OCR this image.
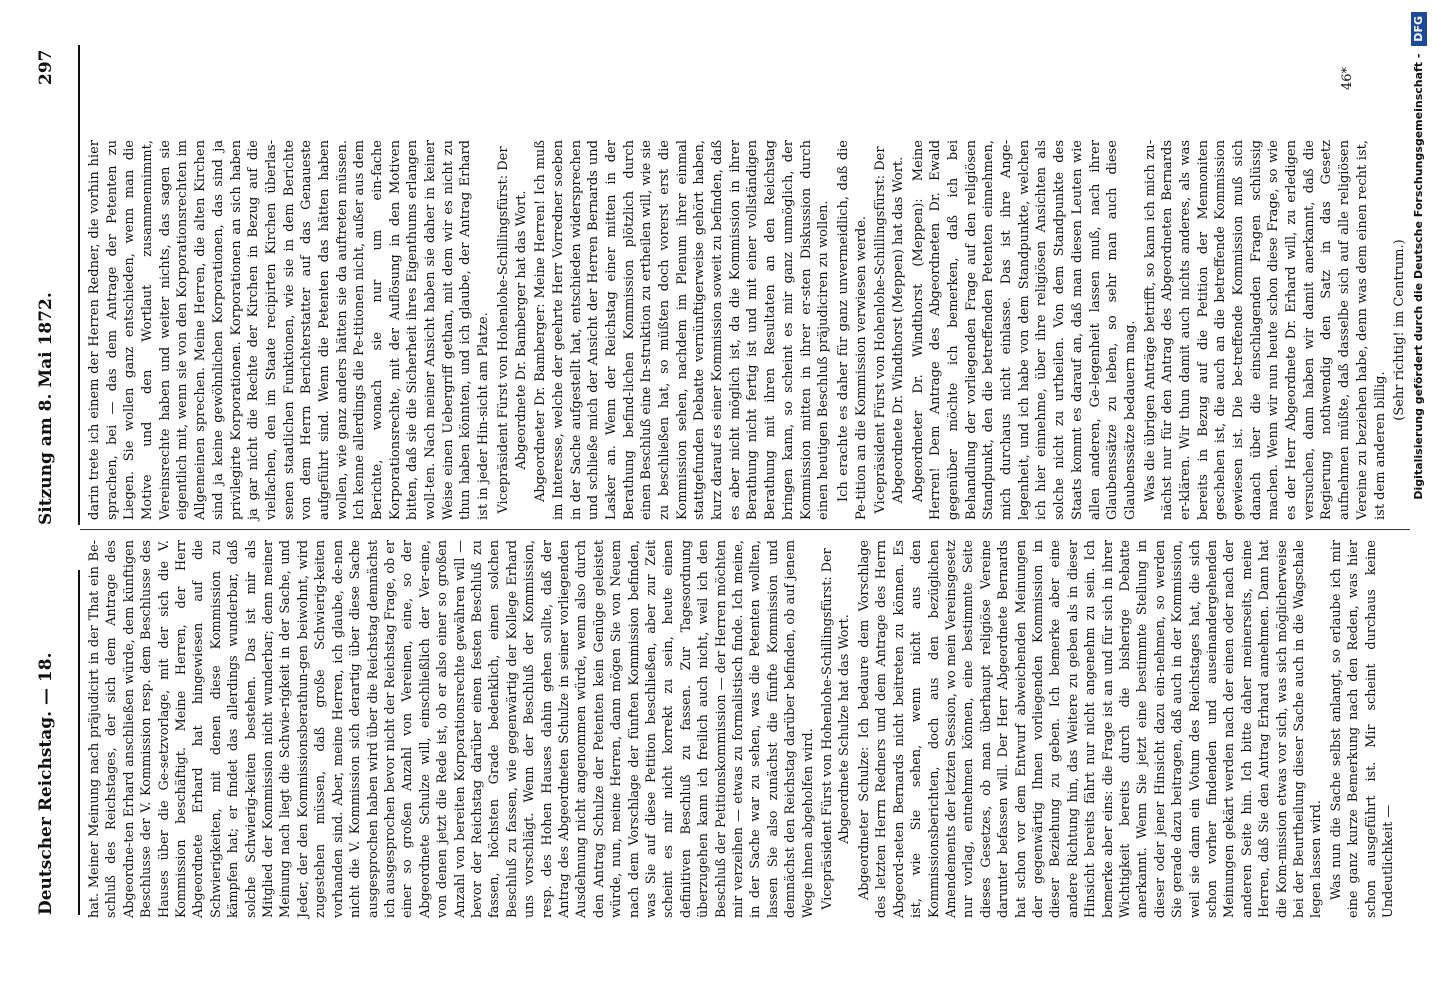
Deutscher Reichstag. — 18.
Sitzung am 8. Mai 1872.
297

hat. Meiner Meinung nach präjudicirt in der That ein Be-schluß des Reichstages, der sich dem Antrage des Abgeordne-ten Erhard anschließen würde, dem künftigen Beschlusse der V. Kommission resp. dem Beschlusse des Hauses über die Ge-setzvorlage, mit der sich die V. Kommission beschäftigt. Meine Herren, der Herr Abgeordnete Erhard hat hingewiesen auf die Schwierigkeiten, mit denen diese Kommission zu kämpfen hat; er findet das allerdings wunderbar, daß solche Schwierig-keiten bestehen. Das ist mir als Mitglied der Kommission nicht wunderbar; denn meiner Meinung nach liegt die Schwie-rigkeit in der Sache, und Jeder, der den Kommissionsberathun-gen beiwohnt, wird zugestehen müssen, daß große Schwierig-keiten vorhanden sind. Aber, meine Herren, ich glaube, de-nen nicht die V. Kommission sich derartig über diese Sache ausgesprochen haben wird über die Reichstag demnächst ich ausgesprochen bevor nicht der Reichstag Frage, ob er einer so großen Anzahl von Vereinen, eine, so der Abgeordnete Schulze will, einschließlich der Ver-eine, von denen jetzt die Rede ist, ob er also einer so großen Anzahl von bereiten Korporationsrechte gewähren will — bevor der Reichstag darüber einen festen Beschluß zu fassen, höchsten Grade bedenklich, einen solchen Beschluß zu fassen, wie gegenwärtig der Kollege Erhard uns vorschlägt. Wenn der Beschluß der Kommission, resp. des Hohen Hauses dahin gehen sollte, daß der Antrag des Abgeordneten Schulze in seiner vorliegenden Ausdehnung nicht angenommen würde, wenn also durch den Antrag Schulze der Petenten kein Genüge geleistet würde, nun, meine Herren, dann mögen Sie von Neuem nach dem Vorschlage der fünften Kommission befinden, was Sie auf diese Petition beschließen, aber zur Zeit scheint es mir nicht korrekt zu sein, heute einen definitiven Beschluß zu fassen. Zur Tagesordnung überzugehen kann ich freilich auch nicht, weil ich den Beschluß der Petitionskommission — der Herren möchten mir verzeihen — etwas zu formalistisch finde. Ich meine, in der Sache war zu sehen, was die Petenten wollten, lassen Sie also zunächst die fünfte Kommission und demnächst den Reichstag darüber befinden, ob auf jenem Wege ihnen abgeholfen wird. Vicepräsident Fürst von Hohenlohe-Schillingsfürst: Der Abgeordnete Schulze hat das Wort. Abgeordneter Schulze: Ich bedaure dem Vorschlage des letzten Herrn Redners und dem Antrage des Herrn Abgeord-neten Bernards nicht beitreten zu können. Es ist, wie Sie sehen, wenn nicht aus den Kommissionsberichten, doch aus den bezüglichen Amendements der letzten Session, wo mein Vereinsgesetz nur vorlag, entnehmen können, eine bestimmte Seite dieses Gesetzes, ob man überhaupt religiöse Vereine darunter befassen will. Der Herr Abgeordnete Bernards hat schon vor dem Entwurf abweichenden Meinungen der gegenwärtig Ihnen vorliegenden Kommission in dieser Beziehung zu geben. Ich bemerke aber eine andere Richtung hin, das Weitere zu geben als in dieser Hinsicht bereits fährt nur nicht angenehm zu sein. Ich bemerke aber eins: die Frage ist an und für sich in ihrer Wichtigkeit bereits durch die bisherige Debatte anerkannt. Wenn Sie jetzt eine bestimmte Stellung in dieser oder jener Hinsicht dazu ein-nehmen, so werden Sie gerade dazu beitragen, daß auch in der Kommission, weil sie dann ein Votum des Reichstages hat, die sich schon vorher findenden und auseinandergehenden Meinungen gekärt werden nach der einen oder nach der anderen Seite hin. Ich bitte daher meinerseits, meine Herren, daß Sie den Antrag Erhard annehmen. Dann hat die Kom-mission etwas vor sich, was sich möglicherweise bei der Beurtheilung dieser Sache auch in die Wagschale legen lassen wird. Was nun die Sache selbst anlangt, so erlaube ich mir eine ganz kurze Bemerkung nach den Reden, was hier schon ausgeführt ist. Mir scheint durchaus keine Undeutlichkeit —

darin trete ich einem der Herren Redner, die vorhin hier sprachen, bei — das dem Antrage der Petenten zu Liegen. Sie wollen ganz entschieden, wenn man die Motive und den Wortlaut zusammennimmt, Vereinsrechte haben und weiter nichts, das sagen sie eigentlich mit, wenn sie von den Korporationsrechten im Allgemeinen sprechen. Meine Herren, die alten Kirchen sind ja keine gewöhnlichen Korporationen, das sind ja privilegirte Korporationen. Korporationen an sich haben ja gar nicht die Rechte der Kirchen in Bezug auf die vielfachen, den im Staate recipirten Kirchen überlas-senen staatlichen Funktionen, wie sie in dem Berichte von dem Herrn Berichterstatter auf das Genaueste aufgeführt sind. Wenn die Petenten das hätten haben wollen, wie ganz anders hätten sie da auftreten müssen. Ich kenne allerdings die Pe-titionen nicht, außer aus dem Berichte, wonach sie nur um ein-fache Korporationsrechte, mit der Auflösung in den Motiven bitten, daß sie die Sicherheit ihres Eigenthums erlangen woll-ten. Nach meiner Ansicht haben sie daher in keiner Weise einen Uebergriff gethan, mit dem wir es nicht zu thun haben könnten, und ich glaube, der Antrag Erhard ist in jeder Hin-sicht am Platze. Vicepräsident Fürst von Hohenlohe-Schillingsfürst: Der Abgeordnete Dr. Bamberger hat das Wort. Abgeordneter Dr. Bamberger: Meine Herren! Ich muß im Interesse, welche der geehrte Herr Vorredner soeben in der Sache aufgestellt hat, entschieden widersprechen und schließe mich der Ansicht der Herren Bernards und Lasker an. Wenn der Reichstag einer mitten in der Berathung befind-lichen Kommission plötzlich durch einen Beschluß eine In-struktion zu ertheilen will, wie sie zu beschließen hat, so müßten doch vorerst erst die Kommission sehen, nachdem im Plenum ihrer einmal stattgefunden Debatte vernünftigerweise gehört haben, kurz darauf es einer Kommission soweit zu befinden, daß es aber nicht möglich ist, da die Kommission in ihrer Berathung nicht fertig ist und mit einer vollständigen Berathung mit ihren Resultaten an den Reichstag bringen kann, so scheint es mir ganz unmöglich, der Kommission mitten in ihrer er-sten Diskussion durch einen heutigen Beschluß präjudiciren zu wollen. Ich erachte es daher für ganz unvermeidlich, daß die Pe-tition an die Kommission verwiesen werde. Vicepräsident Fürst von Hohenlohe-Schillingsfürst: Der Abgeordnete Dr. Windthorst (Meppen) hat das Wort. Abgeordneter Dr. Windthorst (Meppen): Meine Herren! Dem Antrage des Abgeordneten Dr. Ewald gegenüber möchte ich bemerken, daß ich bei Behandlung der vorliegenden Frage auf den religiösen Standpunkt, den die betreffenden Petenten einnehmen, mich durchaus nicht einlasse. Das ist ihre Ange-legenheit, und ich habe von dem Standpunkte, welchen ich hier einnehme, über ihre religiösen Ansichten als solche nicht zu urtheilen. Von dem Standpunkte des Staats kommt es darauf an, daß man diesen Leuten wie allen anderen, Ge-legenheit lassen muß, nach ihrer Glaubenssätze zu leben, so sehr man auch diese Glaubenssätze bedauern mag. Was die übrigen Anträge betrifft, so kann ich mich zu-nächst nur für den Antrag des Abgeordneten Bernards er-klären. Wir thun damit auch nichts anderes, als was bereits in Bezug auf die Petition der Mennoniten geschehen ist, die auch an die betreffende Kommission gewiesen ist. Die be-treffende Kommission muß sich danach über die einschlagenden Fragen schlüssig machen. Wenn wir nun heute schon diese Frage, so wie es der Herr Abgeordnete Dr. Erhard will, zu erledigen versuchen, dann haben wir damit anerkannt, daß die Regierung nothwendig den Satz in das Gesetz aufnehmen müßte, daß dasselbe sich auf alle religiösen Vereine zu beziehen habe, denn was dem einen recht ist, ist dem anderen billig.

(Sehr richtig! im Centrum.)

46*	Digitalisierung gefördert durch die Deutsche Forschungsgemeinschaft - DFG
